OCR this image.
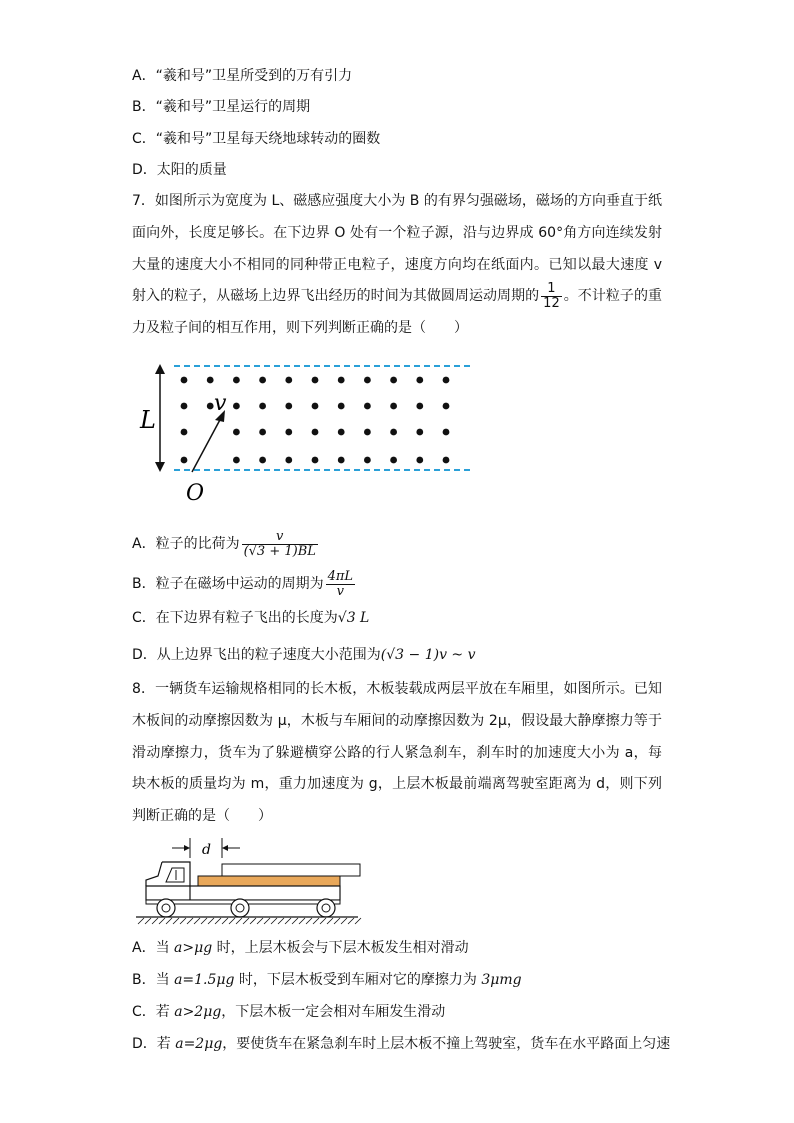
A．“羲和号”卫星所受到的万有引力
B．“羲和号”卫星运行的周期
C．“羲和号”卫星每天绕地球转动的圈数
D．太阳的质量
7．如图所示为宽度为 L、磁感应强度大小为 B 的有界匀强磁场，磁场的方向垂直于纸面向外，长度足够长。在下边界 O 处有一个粒子源，沿与边界成 60°角方向连续发射大量的速度大小不相同的同种带正电粒子，速度方向均在纸面内。已知以最大速度 v 射入的粒子，从磁场上边界飞出经历的时间为其做圆周运动周期的 $\frac{1}{12}$ 。不计粒子的重力及粒子间的相互作用，则下列判断正确的是（　　）
L
v
O
A．粒子的比荷为 $\frac{v}{(√3 + 1)BL}$
B．粒子在磁场中运动的周期为 $\frac{4\pi L}{v}$
C．在下边界有粒子飞出的长度为√3 L
D．从上边界飞出的粒子速度大小范围为(√3 − 1)v ~ v
8．一辆货车运输规格相同的长木板，木板装载成两层平放在车厢里，如图所示。已知木板间的动摩擦因数为 μ，木板与车厢间的动摩擦因数为 2μ，假设最大静摩擦力等于滑动摩擦力，货车为了躲避横穿公路的行人紧急刹车，刹车时的加速度大小为 a，每块木板的质量均为 m，重力加速度为 g，上层木板最前端离驾驶室距离为 d，则下列判断正确的是（　　）
d
A．当 a>μg 时，上层木板会与下层木板发生相对滑动
B．当 a=1.5μg 时，下层木板受到车厢对它的摩擦力为 3μmg
C．若 a>2μg，下层木板一定会相对车厢发生滑动
D．若 a=2μg，要使货车在紧急刹车时上层木板不撞上驾驶室，货车在水平路面上匀速
